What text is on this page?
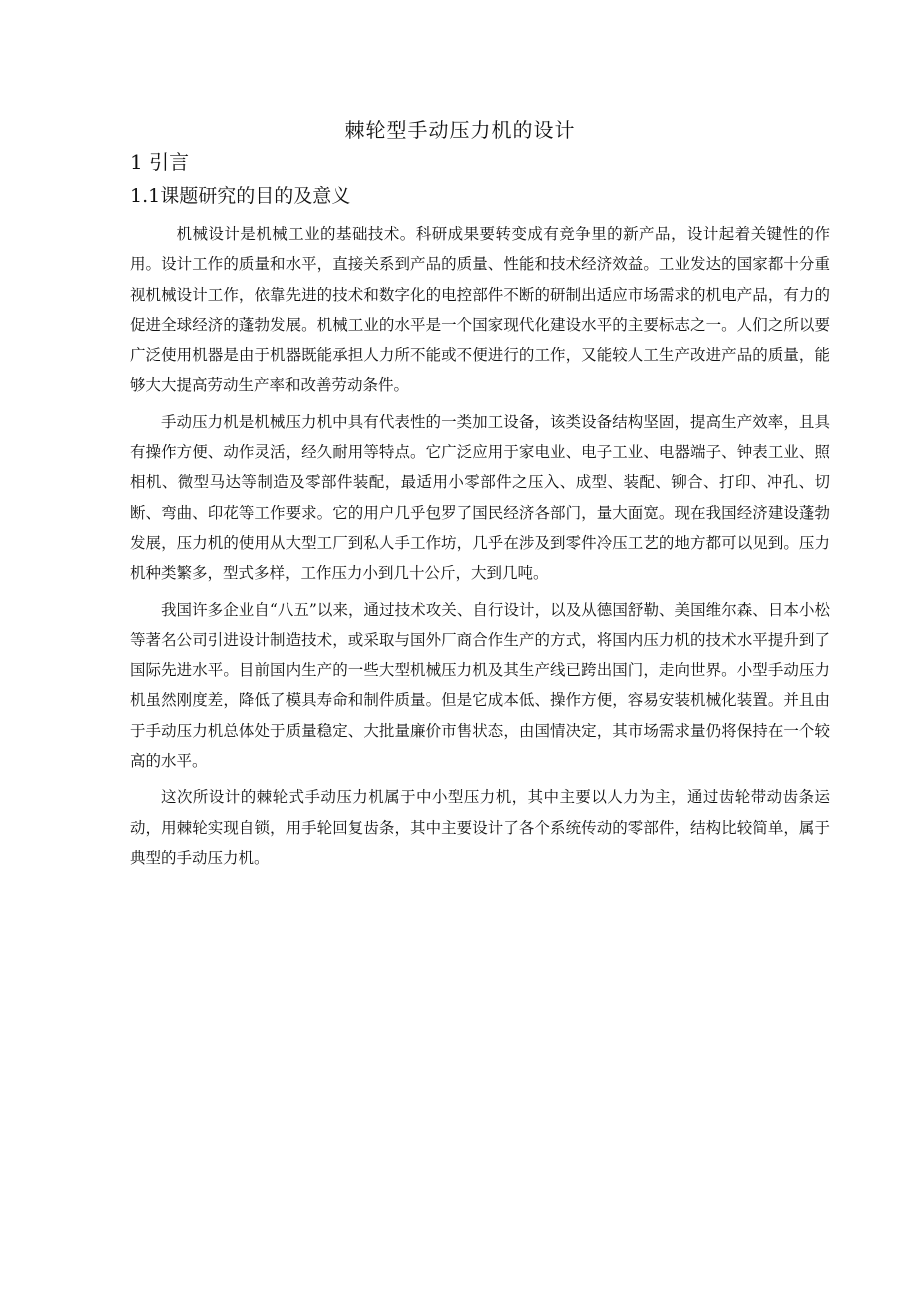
棘轮型手动压力机的设计
1 引言
1.1课题研究的目的及意义

机械设计是机械工业的基础技术。科研成果要转变成有竞争里的新产品，设计起着关键性的作用。设计工作的质量和水平，直接关系到产品的质量、性能和技术经济效益。工业发达的国家都十分重视机械设计工作，依靠先进的技术和数字化的电控部件不断的研制出适应市场需求的机电产品，有力的促进全球经济的蓬勃发展。机械工业的水平是一个国家现代化建设水平的主要标志之一。人们之所以要广泛使用机器是由于机器既能承担人力所不能或不便进行的工作，又能较人工生产改进产品的质量，能够大大提高劳动生产率和改善劳动条件。

手动压力机是机械压力机中具有代表性的一类加工设备，该类设备结构坚固，提高生产效率，且具有操作方便、动作灵活，经久耐用等特点。它广泛应用于家电业、电子工业、电器端子、钟表工业、照相机、微型马达等制造及零部件装配，最适用小零部件之压入、成型、装配、铆合、打印、冲孔、切断、弯曲、印花等工作要求。它的用户几乎包罗了国民经济各部门，量大面宽。现在我国经济建设蓬勃发展，压力机的使用从大型工厂到私人手工作坊，几乎在涉及到零件冷压工艺的地方都可以见到。压力机种类繁多，型式多样，工作压力小到几十公斤，大到几吨。

我国许多企业自“八五”以来，通过技术攻关、自行设计，以及从德国舒勒、美国维尔森、日本小松等著名公司引进设计制造技术，或采取与国外厂商合作生产的方式，将国内压力机的技术水平提升到了国际先进水平。目前国内生产的一些大型机械压力机及其生产线已跨出国门，走向世界。小型手动压力机虽然刚度差，降低了模具寿命和制件质量。但是它成本低、操作方便，容易安装机械化装置。并且由于手动压力机总体处于质量稳定、大批量廉价市售状态，由国情决定，其市场需求量仍将保持在一个较高的水平。

这次所设计的棘轮式手动压力机属于中小型压力机，其中主要以人力为主，通过齿轮带动齿条运动，用棘轮实现自锁，用手轮回复齿条，其中主要设计了各个系统传动的零部件，结构比较简单，属于典型的手动压力机。
